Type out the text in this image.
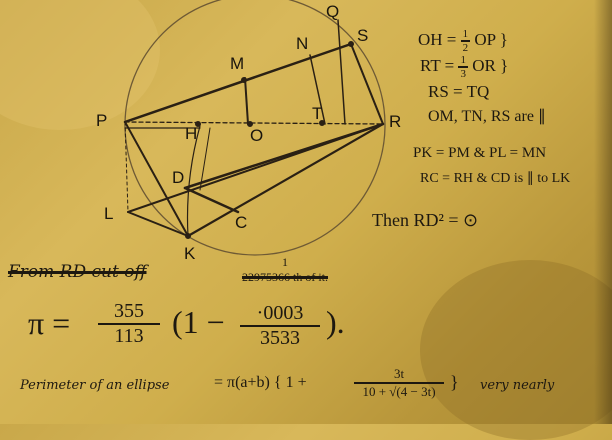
Q
S
N
M
P
H	O
T	R
D
L	C
K
OH = $\frac{1}{2}$ OP }
RT = $\frac{1}{3}$ OR }
RS = TQ
OM, TN, RS are ∥
PK = PM & PL = MN
RC = RH & CD is ∥ to LK
Then RD² = ⊙
From RD cut off	1
22975366 th of it.
$\pi = \frac{355}{113} (1 - \frac{\cdot 0003}{3533}$ ).
Perimeter of an ellipse	= π(a+b) { 1 +	$\frac{3t}{10 + √(4 - 3t)}$ } very nearly
